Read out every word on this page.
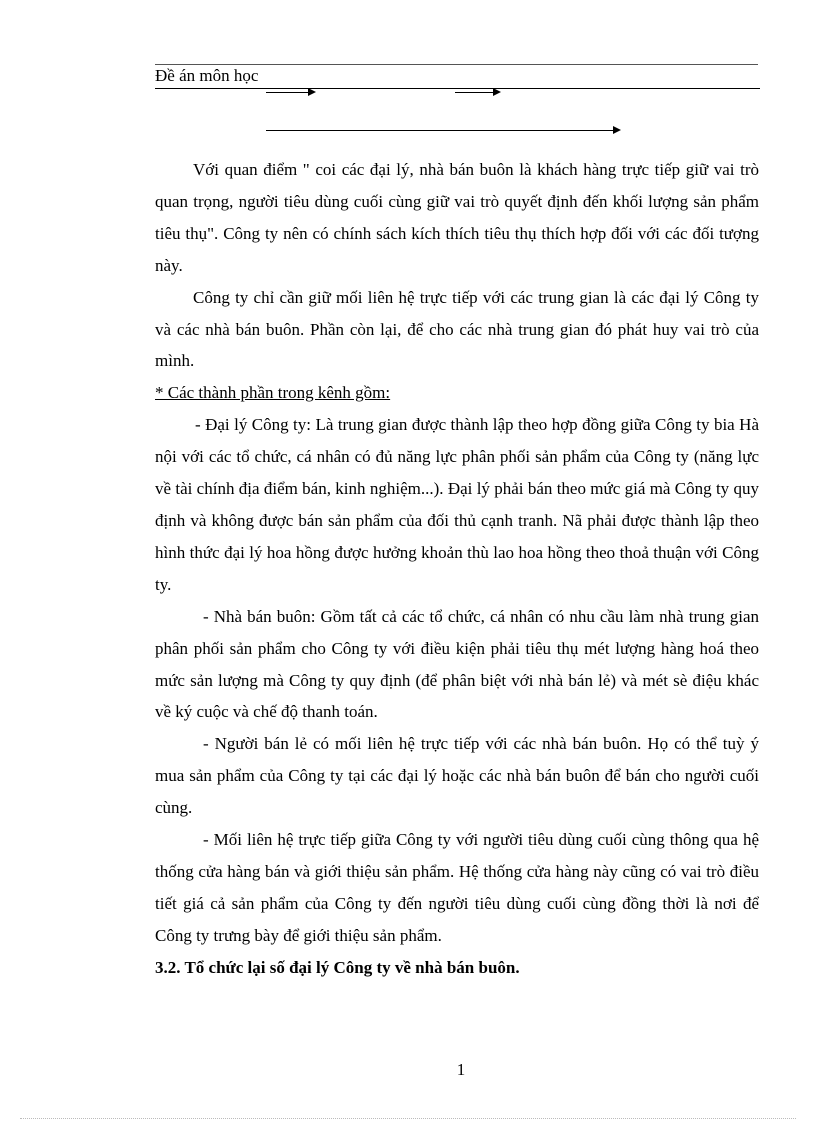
Đề án môn học

Với quan điểm " coi các đại lý, nhà bán buôn là khách hàng trực tiếp giữ vai trò quan trọng, người tiêu dùng cuối cùng giữ vai trò quyết định đến khối lượng sản phẩm tiêu thụ". Công ty nên có chính sách kích thích tiêu thụ thích hợp đối với các đối tượng này.

Công ty chỉ cần giữ mối liên hệ trực tiếp với các trung gian là các đại lý Công ty và các nhà bán buôn. Phần còn lại, để cho các nhà trung gian đó phát huy vai trò của mình.

* Các thành phần trong kênh gồm:

- Đại lý Công ty: Là trung gian được thành lập theo hợp đồng giữa Công ty bia Hà nội với các tổ chức, cá nhân có đủ năng lực phân phối sản phẩm của Công ty (năng lực về tài chính địa điểm bán, kinh nghiệm...). Đại lý phải bán theo mức giá mà Công ty quy định và không được bán sản phẩm của đối thủ cạnh tranh. Nã phải được thành lập theo hình thức đại lý hoa hồng được hưởng khoản thù lao hoa hồng theo thoả thuận với Công ty.

- Nhà bán buôn: Gồm tất cả các tổ chức, cá nhân có nhu cầu làm nhà trung gian phân phối sản phẩm cho Công ty với điều kiện phải tiêu thụ mét lượng hàng hoá theo mức sản lượng mà Công ty quy định (để phân biệt với nhà bán lẻ) và mét sè điệu khác về ký cuộc và chế độ thanh toán.

- Người bán lẻ có mối liên hệ trực tiếp với các nhà bán buôn. Họ có thể tuỳ ý mua sản phẩm của Công ty tại các đại lý hoặc các nhà bán buôn để bán cho người cuối cùng.

- Mối liên hệ trực tiếp giữa Công ty với người tiêu dùng cuối cùng thông qua hệ thống cửa hàng bán và giới thiệu sản phẩm. Hệ thống cửa hàng này cũng có vai trò điều tiết giá cả sản phẩm của Công ty đến người tiêu dùng cuối cùng đồng thời là nơi để Công ty trưng bày để giới thiệu sản phẩm.

3.2. Tổ chức lại số đại lý Công ty về nhà bán buôn.

1
